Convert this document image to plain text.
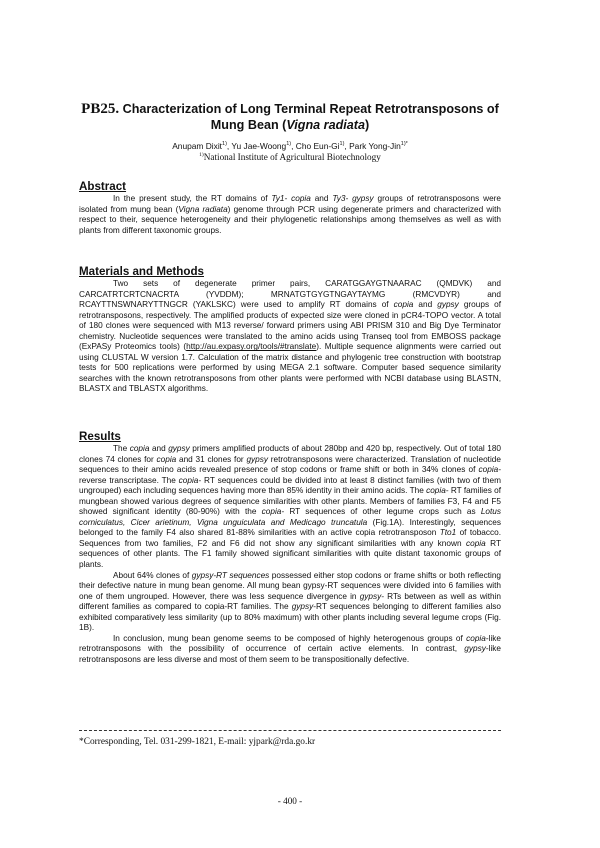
PB25. Characterization of Long Terminal Repeat Retrotransposons of
Mung Bean (Vigna radiata)
Anupam Dixit$^{1)}$, Yu Jae-Woong$^{1)}$, Cho Eun-Gi$^{1)}$, Park Yong-Jin$^{1)*}$
$^{1)}$National Institute of Agricultural Biotechnology
Abstract
In the present study, the RT domains of Ty1- copia and Ty3- gypsy groups of retrotransposons were isolated from mung bean (Vigna radiata) genome through PCR using degenerate primers and characterized with respect to their, sequence heterogeneity and their phylogenetic relationships among themselves as well as with plants from different taxonomic groups.
Materials and Methods
Two sets of degenerate primer pairs, CARATGGAYGTNAARAC (QMDVK) and CARCATRTCRTCNACRTA (YVDDM); MRNATGTGYGTNGAYTAYMG (RMCVDYR) and RCAYTTNSWNARYTTNGCR (YAKLSKC) were used to amplify RT domains of copia and gypsy groups of retrotransposons, respectively. The amplified products of expected size were cloned in pCR4-TOPO vector. A total of 180 clones were sequenced with M13 reverse/ forward primers using ABI PRISM 310 and Big Dye Terminator chemistry. Nucleotide sequences were translated to the amino acids using Transeq tool from EMBOSS package (ExPASy Proteomics tools) (http://au.expasy.org/tools/#translate). Multiple sequence alignments were carried out using CLUSTAL W version 1.7. Calculation of the matrix distance and phylogenic tree construction with bootstrap tests for 500 replications were performed by using MEGA 2.1 software. Computer based sequence similarity searches with the known retrotransposons from other plants were performed with NCBI database using BLASTN, BLASTX and TBLASTX algorithms.
Results

The copia and gypsy primers amplified products of about 280bp and 420 bp, respectively. Out of total 180 clones 74 clones for copia and 31 clones for gypsy retrotransposons were characterized. Translation of nucleotide sequences to their amino acids revealed presence of stop codons or frame shift or both in 34% clones of copia- reverse transcriptase. The copia- RT sequences could be divided into at least 8 distinct families (with two of them ungrouped) each including sequences having more than 85% identity in their amino acids. The copia- RT families of mungbean showed various degrees of sequence similarities with other plants. Members of families F3, F4 and F5 showed significant identity (80-90%) with the copia- RT sequences of other legume crops such as Lotus corniculatus, Cicer arietinum, Vigna unguiculata and Medicago truncatula (Fig.1A). Interestingly, sequences belonged to the family F4 also shared 81-88% similarities with an active copia retrotransposon Tto1 of tobacco. Sequences from two families, F2 and F6 did not show any significant similarities with any known copia RT sequences of other plants. The F1 family showed significant similarities with quite distant taxonomic groups of plants.

About 64% clones of gypsy-RT sequences possessed either stop codons or frame shifts or both reflecting their defective nature in mung bean genome. All mung bean gypsy-RT sequences were divided into 6 families with one of them ungrouped. However, there was less sequence divergence in gypsy- RTs between as well as within different families as compared to copia-RT families. The gypsy-RT sequences belonging to different families also exhibited comparatively less similarity (up to 80% maximum) with other plants including several legume crops (Fig. 1B).

In conclusion, mung bean genome seems to be composed of highly heterogenous groups of copia-like retrotransposons with the possibility of occurrence of certain active elements. In contrast, gypsy-like retrotransposons are less diverse and most of them seem to be transpositionally defective.

*Corresponding, Tel. 031-299-1821, E-mail: yjpark@rda.go.kr
- 400 -
